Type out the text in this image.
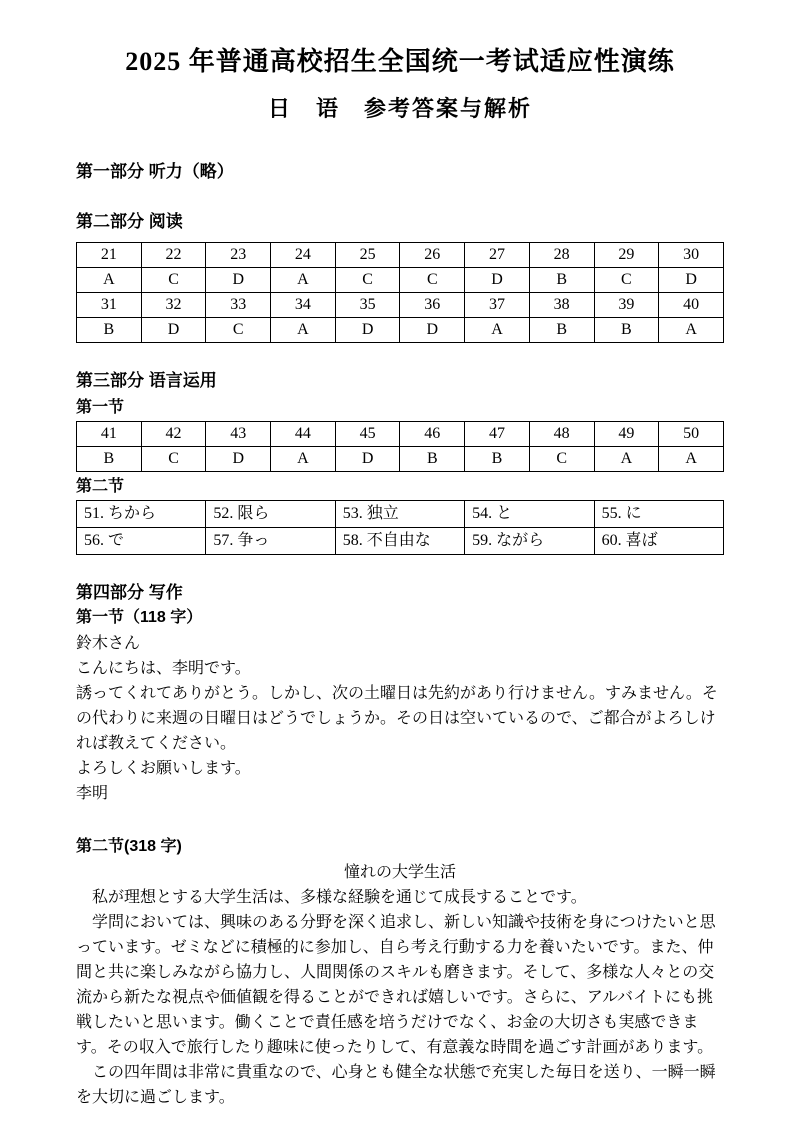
2025 年普通高校招生全国统一考试适应性演练
日　语　参考答案与解析
第一部分 听力（略）
第二部分 阅读
21	22	23	24	25	26	27	28	29	30
A	C	D	A	C	C	D	B	C	D
31	32	33	34	35	36	37	38	39	40
B	D	C	A	D	D	A	B	B	A
第三部分 语言运用
第一节
41	42	43	44	45	46	47	48	49	50
B	C	D	A	D	B	B	C	A	A
第二节
51. ちから	52. 限ら	53. 独立	54. と	55. に
56. で	57. 争っ	58. 不自由な	59. ながら	60. 喜ば
第四部分 写作
第一节（118 字）
鈴木さん
こんにちは、李明です。
誘ってくれてありがとう。しかし、次の土曜日は先約があり行けません。すみません。その代わりに来週の日曜日はどうでしょうか。その日は空いているので、ご都合がよろしければ教えてください。
よろしくお願いします。
李明
第二节(318 字)
憧れの大学生活
　私が理想とする大学生活は、多様な経験を通じて成長することです。
　学問においては、興味のある分野を深く追求し、新しい知識や技術を身につけたいと思っています。ゼミなどに積極的に参加し、自ら考え行動する力を養いたいです。また、仲間と共に楽しみながら協力し、人間関係のスキルも磨きます。そして、多様な人々との交流から新たな視点や価値観を得ることができれば嬉しいです。さらに、アルバイトにも挑戦したいと思います。働くことで責任感を培うだけでなく、お金の大切さも実感できます。その収入で旅行したり趣味に使ったりして、有意義な時間を過ごす計画があります。
　この四年間は非常に貴重なので、心身とも健全な状態で充実した毎日を送り、一瞬一瞬を大切に過ごします。
